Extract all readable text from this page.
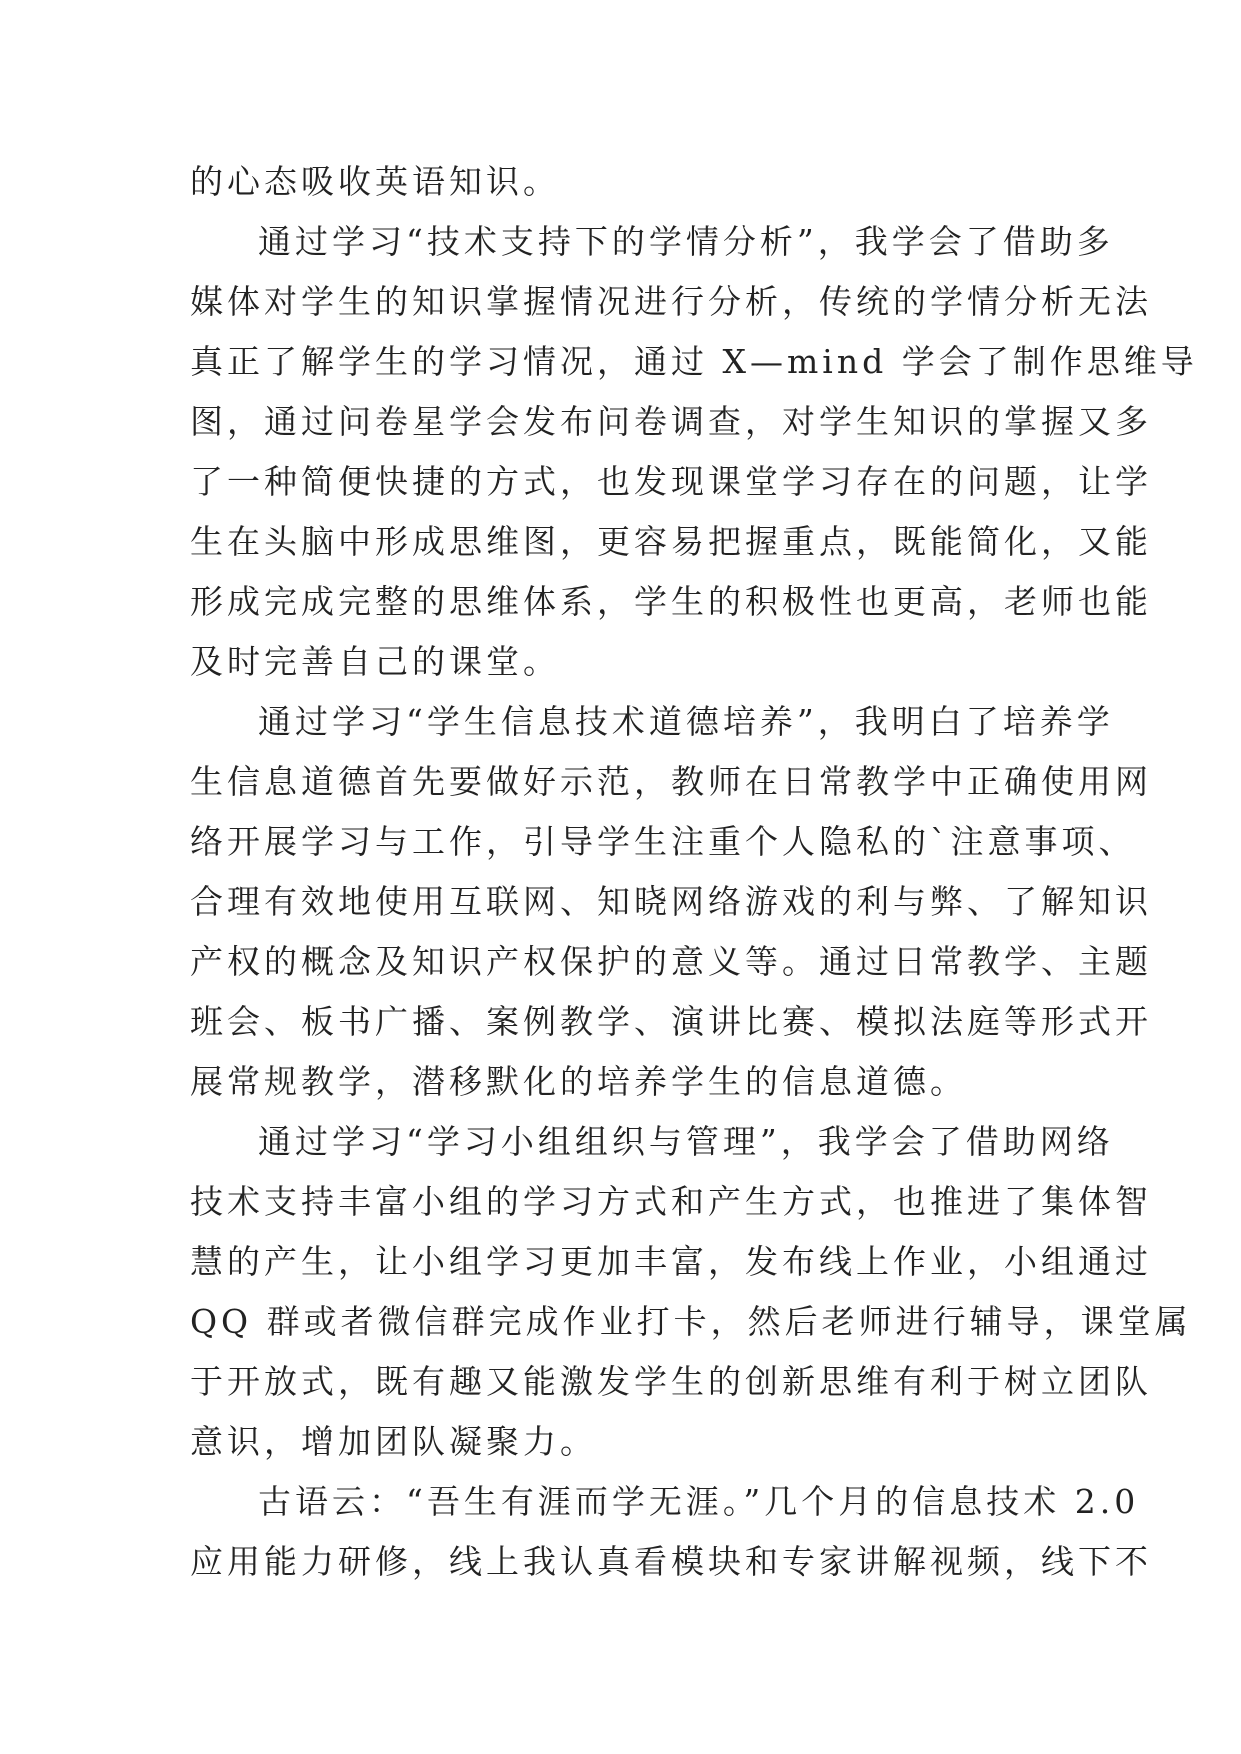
的心态吸收英语知识。
通过学习“技术支持下的学情分析”，我学会了借助多
媒体对学生的知识掌握情况进行分析，传统的学情分析无法
真正了解学生的学习情况，通过 X—mind 学会了制作思维导
图，通过问卷星学会发布问卷调查，对学生知识的掌握又多
了一种简便快捷的方式，也发现课堂学习存在的问题，让学
生在头脑中形成思维图，更容易把握重点，既能简化，又能
形成完成完整的思维体系，学生的积极性也更高，老师也能
及时完善自己的课堂。
通过学习“学生信息技术道德培养”，我明白了培养学
生信息道德首先要做好示范，教师在日常教学中正确使用网
络开展学习与工作，引导学生注重个人隐私的`注意事项、
合理有效地使用互联网、知晓网络游戏的利与弊、了解知识
产权的概念及知识产权保护的意义等。通过日常教学、主题
班会、板书广播、案例教学、演讲比赛、模拟法庭等形式开
展常规教学，潜移默化的培养学生的信息道德。
通过学习“学习小组组织与管理”，我学会了借助网络
技术支持丰富小组的学习方式和产生方式，也推进了集体智
慧的产生，让小组学习更加丰富，发布线上作业，小组通过
QQ 群或者微信群完成作业打卡，然后老师进行辅导，课堂属
于开放式，既有趣又能激发学生的创新思维有利于树立团队
意识，增加团队凝聚力。
古语云：“吾生有涯而学无涯。”几个月的信息技术 2.0
应用能力研修，线上我认真看模块和专家讲解视频，线下不
